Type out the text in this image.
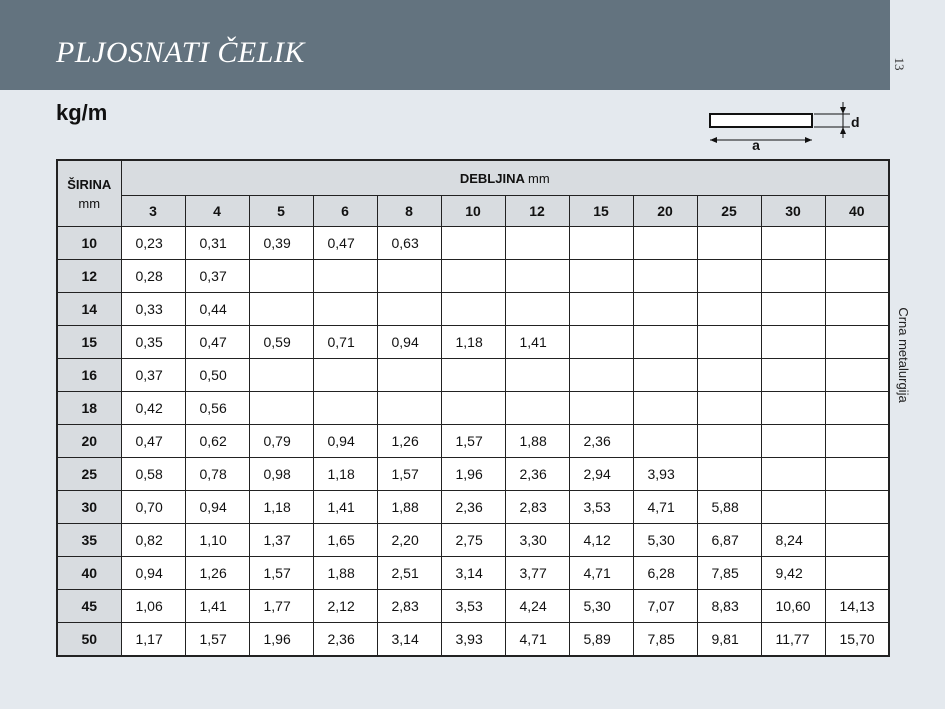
PLJOSNATI ČELIK	13
Crna metalurgija
kg/m	d
a
ŠIRINA
mm	DEBLJINA mm											
	3	4	5	6	8	10	12	15	20	25	30	40
10	0,23	0,31	0,39	0,47	0,63							
12	0,28	0,37										
14	0,33	0,44										
15	0,35	0,47	0,59	0,71	0,94	1,18	1,41					
16	0,37	0,50										
18	0,42	0,56										
20	0,47	0,62	0,79	0,94	1,26	1,57	1,88	2,36				
25	0,58	0,78	0,98	1,18	1,57	1,96	2,36	2,94	3,93			
30	0,70	0,94	1,18	1,41	1,88	2,36	2,83	3,53	4,71	5,88		
35	0,82	1,10	1,37	1,65	2,20	2,75	3,30	4,12	5,30	6,87	8,24	
40	0,94	1,26	1,57	1,88	2,51	3,14	3,77	4,71	6,28	7,85	9,42	
45	1,06	1,41	1,77	2,12	2,83	3,53	4,24	5,30	7,07	8,83	10,60	14,13
50	1,17	1,57	1,96	2,36	3,14	3,93	4,71	5,89	7,85	9,81	11,77	15,70
